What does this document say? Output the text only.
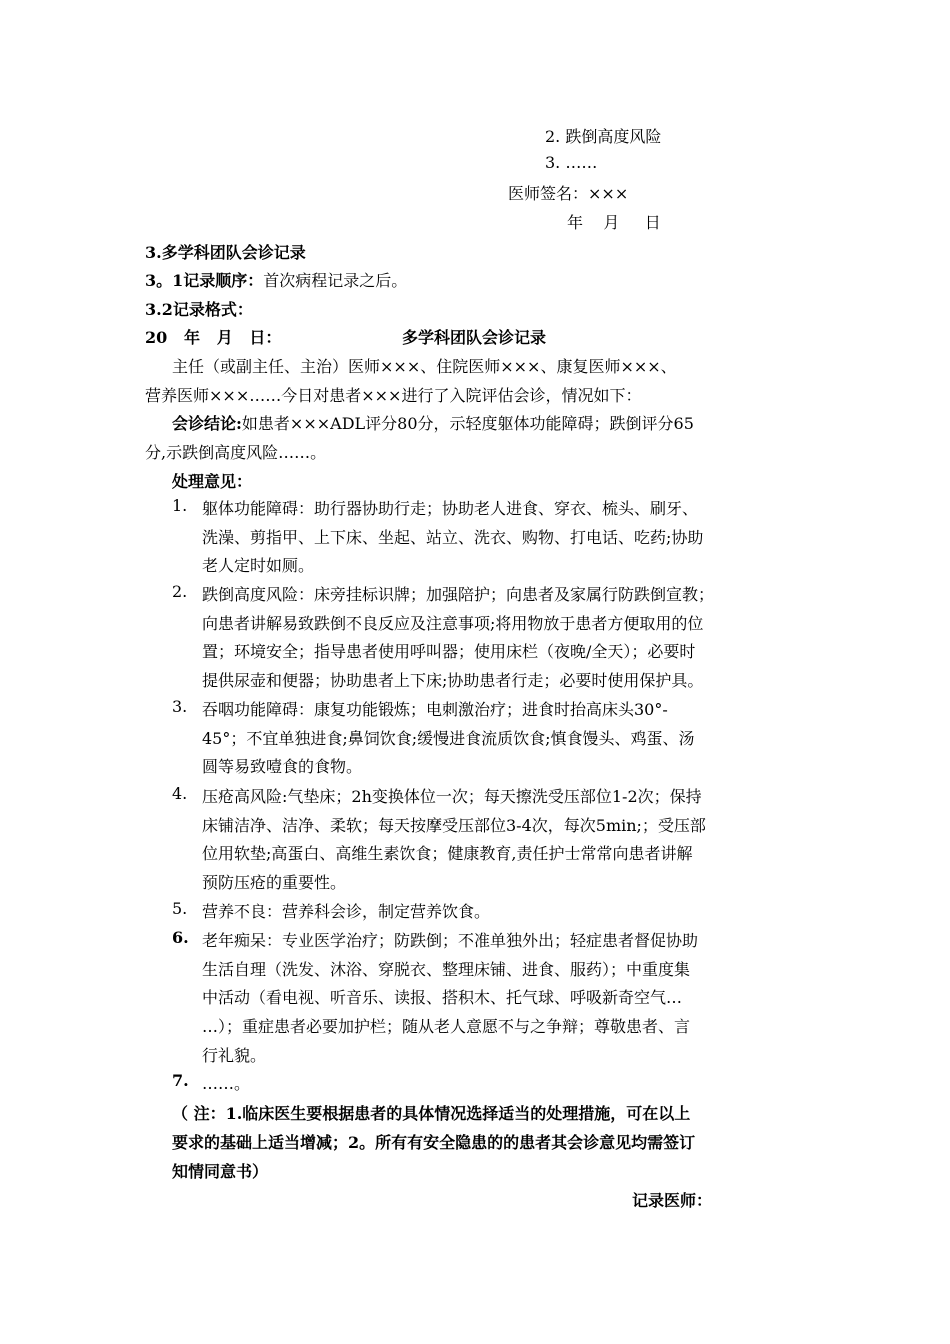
2. 跌倒高度风险
3. ……
医师签名：×××
年    月     日
3.多学科团队会诊记录
3。1记录顺序：首次病程记录之后。
3.2记录格式：
20   年   月   日：	多学科团队会诊记录
主任（或副主任、主治）医师×××、住院医师×××、康复医师×××、
营养医师×××……今日对患者×××进行了入院评估会诊，情况如下：
会诊结论:如患者×××ADL评分80分，示轻度躯体功能障碍；跌倒评分65
分,示跌倒高度风险……。
处理意见：
1. 躯体功能障碍：助行器协助行走；协助老人进食、穿衣、梳头、刷牙、
洗澡、剪指甲、上下床、坐起、站立、洗衣、购物、打电话、吃药;协助
老人定时如厕。
2. 跌倒高度风险：床旁挂标识牌；加强陪护；向患者及家属行防跌倒宣教；
向患者讲解易致跌倒不良反应及注意事项;将用物放于患者方便取用的位
置；环境安全；指导患者使用呼叫器；使用床栏（夜晚/全天）；必要时
提供尿壶和便器；协助患者上下床;协助患者行走；必要时使用保护具。
3. 吞咽功能障碍：康复功能锻炼；电刺激治疗；进食时抬高床头30°-
45°；不宜单独进食;鼻饲饮食;缓慢进食流质饮食;慎食馒头、鸡蛋、汤
圆等易致噎食的食物。
4. 压疮高风险:气垫床；2h变换体位一次；每天擦洗受压部位1-2次；保持
床铺洁净、洁净、柔软；每天按摩受压部位3-4次，每次5min;；受压部
位用软垫;高蛋白、高维生素饮食；健康教育,责任护士常常向患者讲解
预防压疮的重要性。
5. 营养不良：营养科会诊，制定营养饮食。
6. 老年痴呆：专业医学治疗；防跌倒；不准单独外出；轻症患者督促协助
生活自理（洗发、沐浴、穿脱衣、整理床铺、进食、服药）；中重度集
中活动（看电视、听音乐、读报、搭积木、托气球、呼吸新奇空气…
…）；重症患者必要加护栏；随从老人意愿不与之争辩；尊敬患者、言
行礼貌。
7. ……。
（ 注：1.临床医生要根据患者的具体情况选择适当的处理措施，可在以上
要求的基础上适当增减；2。所有有安全隐患的的患者其会诊意见均需签订
知情同意书）
记录医师：
